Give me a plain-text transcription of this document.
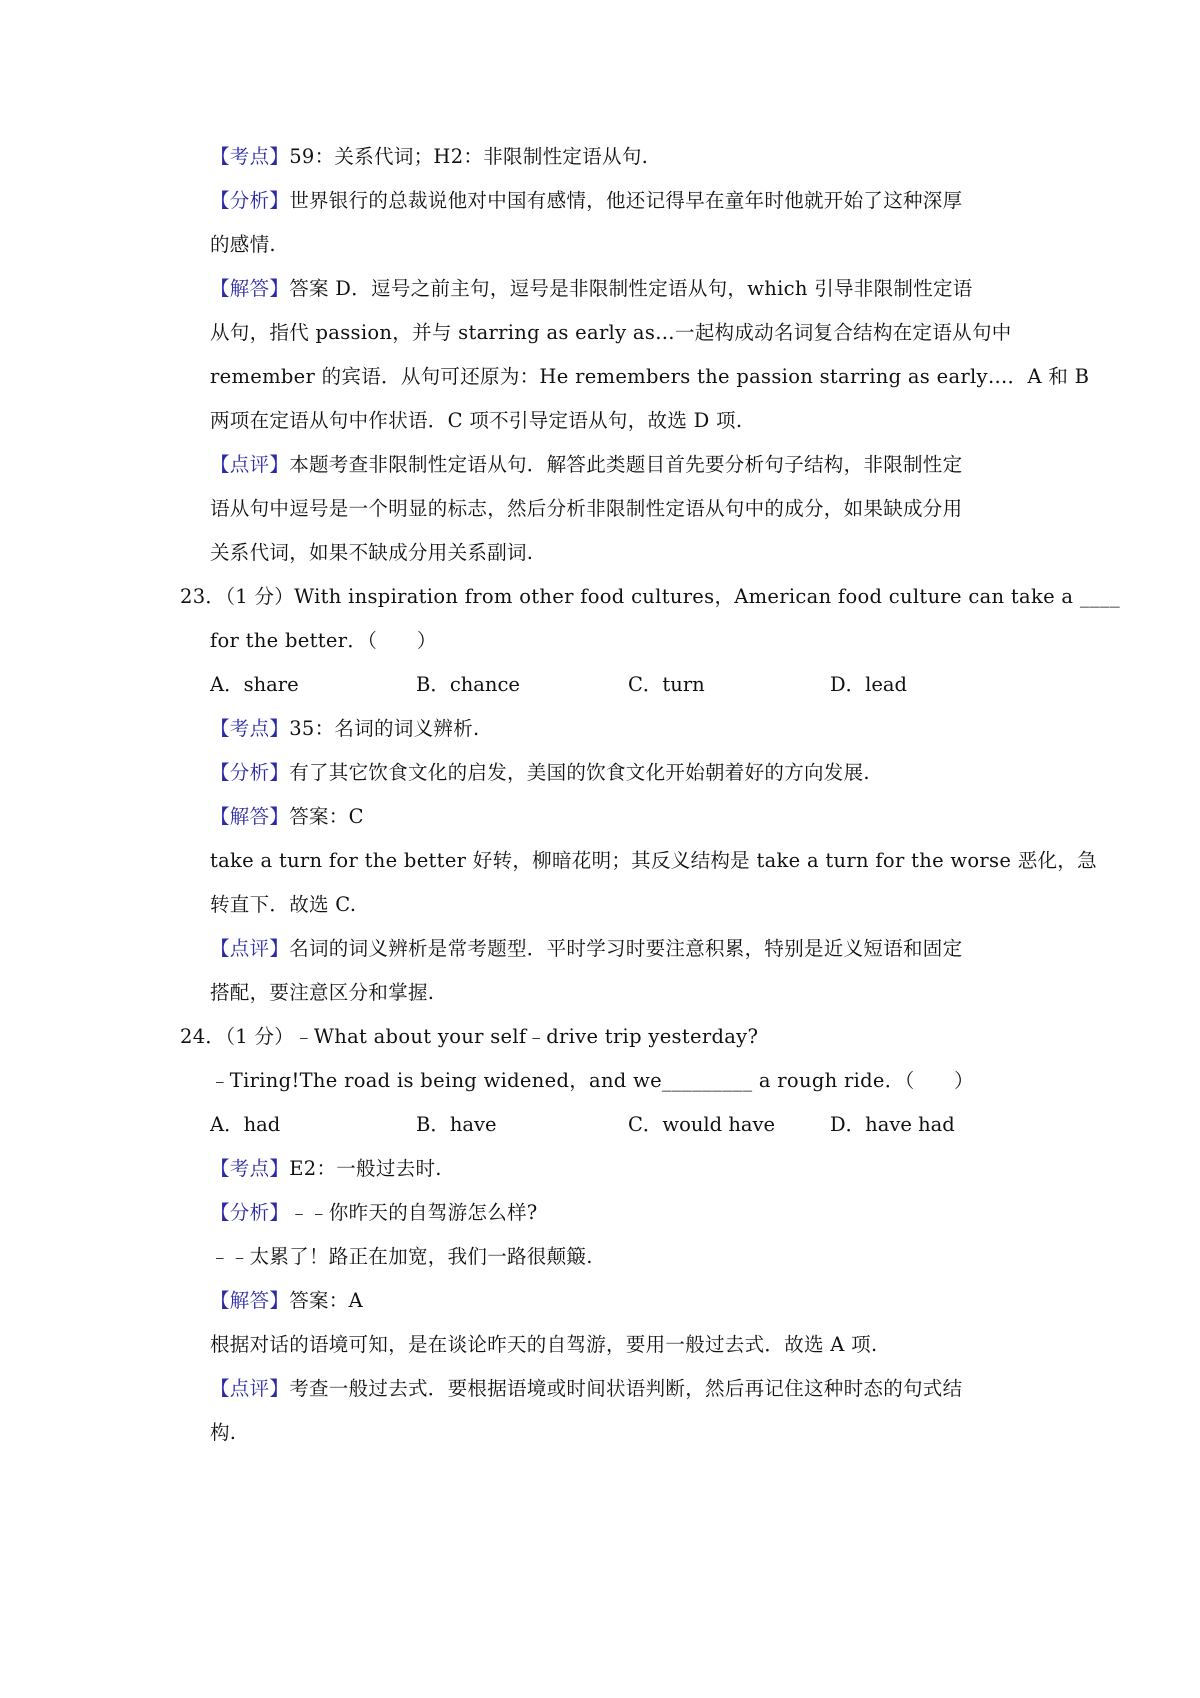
【考点】59：关系代词；H2：非限制性定语从句.
【分析】世界银行的总裁说他对中国有感情，他还记得早在童年时他就开始了这种深厚
的感情.
【解答】答案 D．逗号之前主句，逗号是非限制性定语从句，which 引导非限制性定语
从句，指代 passion，并与 starring as early as…一起构成动名词复合结构在定语从句中
remember 的宾语．从句可还原为：He remembers the passion starring as early…．A 和 B
两项在定语从句中作状语．C 项不引导定语从句，故选 D 项.
【点评】本题考查非限制性定语从句．解答此类题目首先要分析句子结构，非限制性定
语从句中逗号是一个明显的标志，然后分析非限制性定语从句中的成分，如果缺成分用
关系代词，如果不缺成分用关系副词.
23．（1 分）With inspiration from other food cultures，American food culture can take a ____
for the better．（　　）
A．share	B．chance	C．turn	D．lead
【考点】35：名词的词义辨析.
【分析】有了其它饮食文化的启发，美国的饮食文化开始朝着好的方向发展.
【解答】答案：C
take a turn for the better 好转，柳暗花明；其反义结构是 take a turn for the worse 恶化，急
转直下．故选 C.
【点评】名词的词义辨析是常考题型．平时学习时要注意积累，特别是近义短语和固定
搭配，要注意区分和掌握.
24．（1 分）﹣What about your self﹣drive trip yesterday?
﹣Tiring!The road is being widened，and we_________ a rough ride．（　　）
A．had	B．have	C．would have	D．have had
【考点】E2：一般过去时.
【分析】﹣﹣你昨天的自驾游怎么样?
﹣﹣太累了！路正在加宽，我们一路很颠簸.
【解答】答案：A
根据对话的语境可知，是在谈论昨天的自驾游，要用一般过去式．故选 A 项.
【点评】考查一般过去式．要根据语境或时间状语判断，然后再记住这种时态的句式结
构.
